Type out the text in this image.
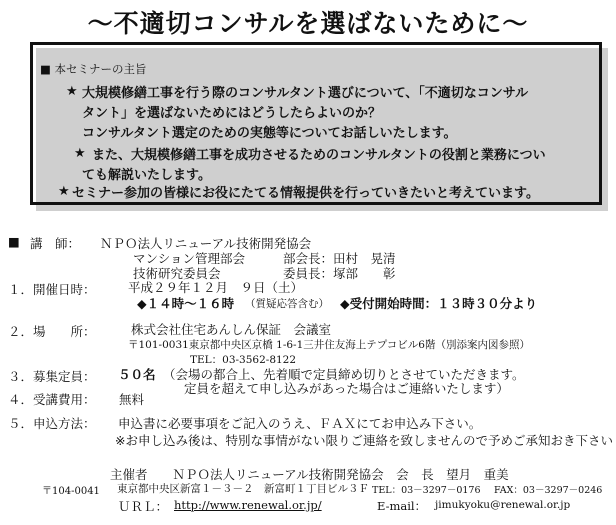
～不適切コンサルを選ばないために～
■ 本セミナーの主旨
★ 大規模修繕工事を行う際のコンサルタント選びについて、「不適切なコンサル
タント」を選ばないためにはどうしたらよいのか？
コンサルタント選定のための実態等についてお話しいたします。
★ また、大規模修繕工事を成功させるためのコンサルタントの役割と業務につい
ても解説いたします。
★ セミナー参加の皆様にお役にたてる情報提供を行っていきたいと考えています。
■ 講　師： ＮＰＯ法人リニューアル技術開発協会
マンション管理部会	部会長：田村　晃清
技術研究委員会	委員長：塚部　　彰
１．開催日時：	平成２９年１２月　９日（土）
◆１４時～１６時 （質疑応答含む） ◆受付開始時間：１３時３０分より
２．場　　所：	株式会社住宅あんしん保証　会議室
〒101-0031東京都中央区京橋 1-6-1三井住友海上テプコビル6階（別添案内図参照）
TEL：03-3562-8122
３．募集定員： ５０名 （会場の都合上、先着順で定員締め切りとさせていただきます。
定員を超えて申し込みがあった場合はご連絡いたします）
４．受講費用： 無料
５．申込方法： 申込書に必要事項をご記入のうえ、ＦＡＸにてお申込み下さい。
※お申し込み後は、特別な事情がない限りご連絡を致しませんので予めご承知おき下さい
主催者　　ＮＰＯ法人リニューアル技術開発協会　会　長　望月　重美
〒104-0041 東京都中央区新富１－３－２　新富町１丁目ビル３Ｆ TEL：03－3297－0176 FAX：03－3297－0246
ＵＲＬ： http://www.renewal.or.jp/	E-mail： jimukyoku@renewal.or.jp
